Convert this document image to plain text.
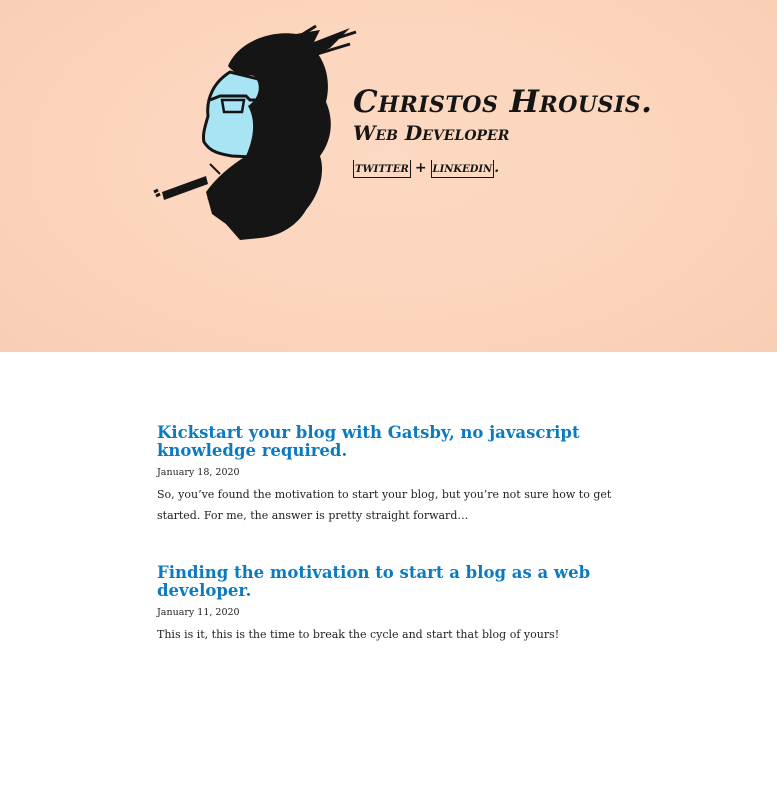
Christos Hrousis.

Web Developer

twitter + linkedin .
Kickstart your blog with Gatsby, no javascript knowledge required.
January 18, 2020

So, you’ve found the motivation to start your blog, but you’re not sure how to get started. For me, the answer is pretty straight forward…

Finding the motivation to start a blog as a web developer.
January 11, 2020

This is it, this is the time to break the cycle and start that blog of yours!
